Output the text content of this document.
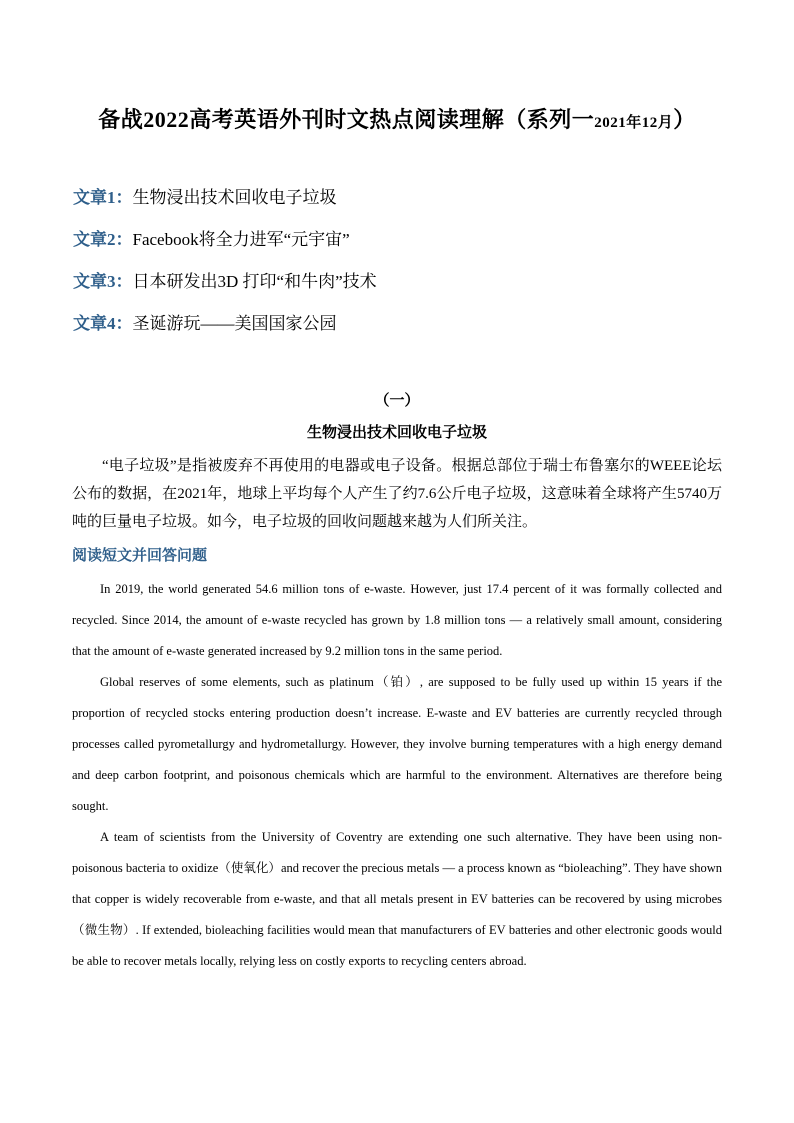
备战2022高考英语外刊时文热点阅读理解（系列一2021年12月）
文章1：生物浸出技术回收电子垃圾
文章2：Facebook将全力进军“元宇宙”
文章3：日本研发出3D 打印“和牛肉”技术
文章4：圣诞游玩——美国国家公园
（一）
生物浸出技术回收电子垃圾

“电子垃圾”是指被废弃不再使用的电器或电子设备。根据总部位于瑞士布鲁塞尔的WEEE论坛公布的数据，在2021年，地球上平均每个人产生了约7.6公斤电子垃圾，这意味着全球将产生5740万吨的巨量电子垃圾。如今，电子垃圾的回收问题越来越为人们所关注。

阅读短文并回答问题

In 2019, the world generated 54.6 million tons of e-waste. However, just 17.4 percent of it was formally collected and recycled. Since 2014, the amount of e-waste recycled has grown by 1.8 million tons — a relatively small amount, considering that the amount of e-waste generated increased by 9.2 million tons in the same period.

Global reserves of some elements, such as platinum（铂）, are supposed to be fully used up within 15 years if the proportion of recycled stocks entering production doesn’t increase. E-waste and EV batteries are currently recycled through processes called pyrometallurgy and hydrometallurgy. However, they involve burning temperatures with a high energy demand and deep carbon footprint, and poisonous chemicals which are harmful to the environment. Alternatives are therefore being sought.

A team of scientists from the University of Coventry are extending one such alternative. They have been using non-poisonous bacteria to oxidize（使氧化）and recover the precious metals — a process known as “bioleaching”. They have shown that copper is widely recoverable from e-waste, and that all metals present in EV batteries can be recovered by using microbes（微生物）. If extended, bioleaching facilities would mean that manufacturers of EV batteries and other electronic goods would be able to recover metals locally, relying less on costly exports to recycling centers abroad.
